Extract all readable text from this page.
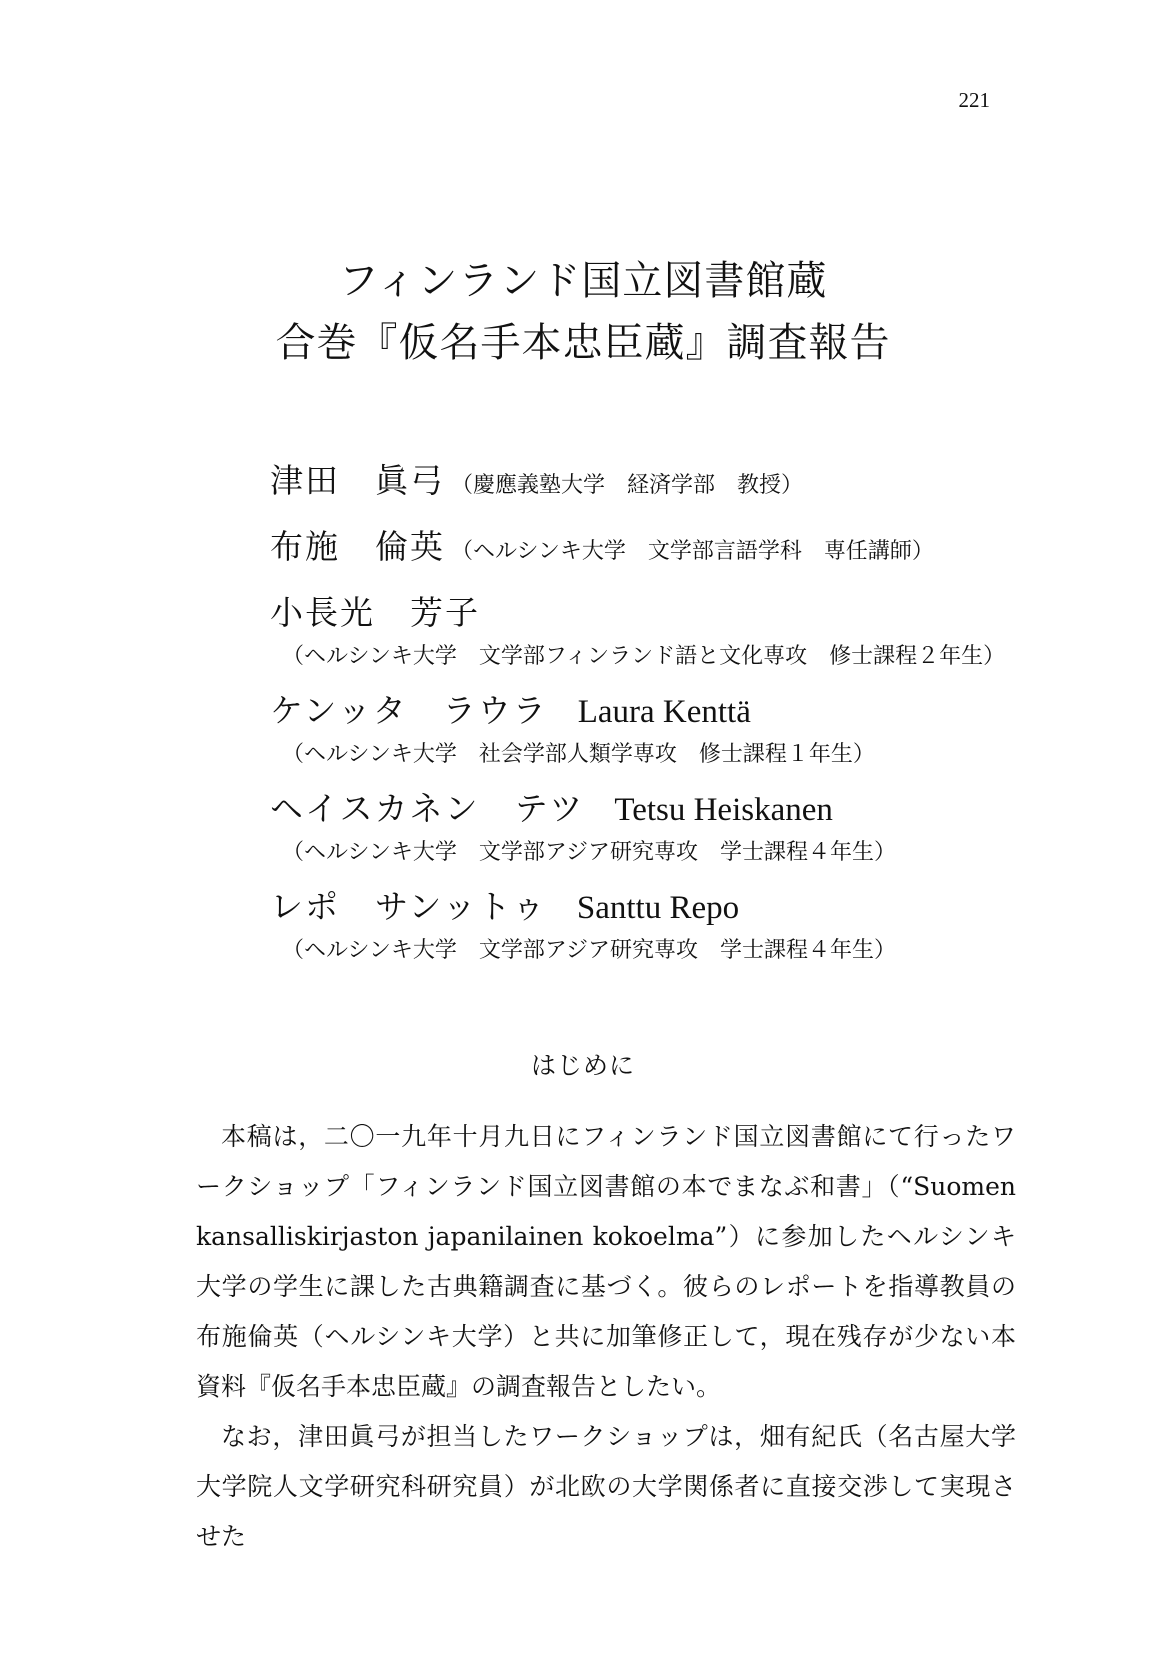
221
フィンランド国立図書館蔵
合巻『仮名手本忠臣蔵』調査報告
津田　眞弓 （慶應義塾大学　経済学部　教授）
布施　倫英 （ヘルシンキ大学　文学部言語学科　専任講師）
小長光　芳子
（ヘルシンキ大学　文学部フィンランド語と文化専攻　修士課程２年生）
ケンッタ　ラウラ Laura Kenttä
（ヘルシンキ大学　社会学部人類学専攻　修士課程１年生）
ヘイスカネン　テツ Tetsu Heiskanen
（ヘルシンキ大学　文学部アジア研究専攻　学士課程４年生）
レポ　サンットゥ Santtu Repo
（ヘルシンキ大学　文学部アジア研究専攻　学士課程４年生）
はじめに

本稿は，二〇一九年十月九日にフィンランド国立図書館にて行ったワークショップ「フィンランド国立図書館の本でまなぶ和書」（“Suomen kansalliskirjaston japanilainen kokoelma”）に参加したヘルシンキ大学の学生に課した古典籍調査に基づく。彼らのレポートを指導教員の布施倫英（ヘルシンキ大学）と共に加筆修正して，現在残存が少ない本資料『仮名手本忠臣蔵』の調査報告としたい。

なお，津田眞弓が担当したワークショップは，畑有紀氏（名古屋大学大学院人文学研究科研究員）が北欧の大学関係者に直接交渉して実現させた
